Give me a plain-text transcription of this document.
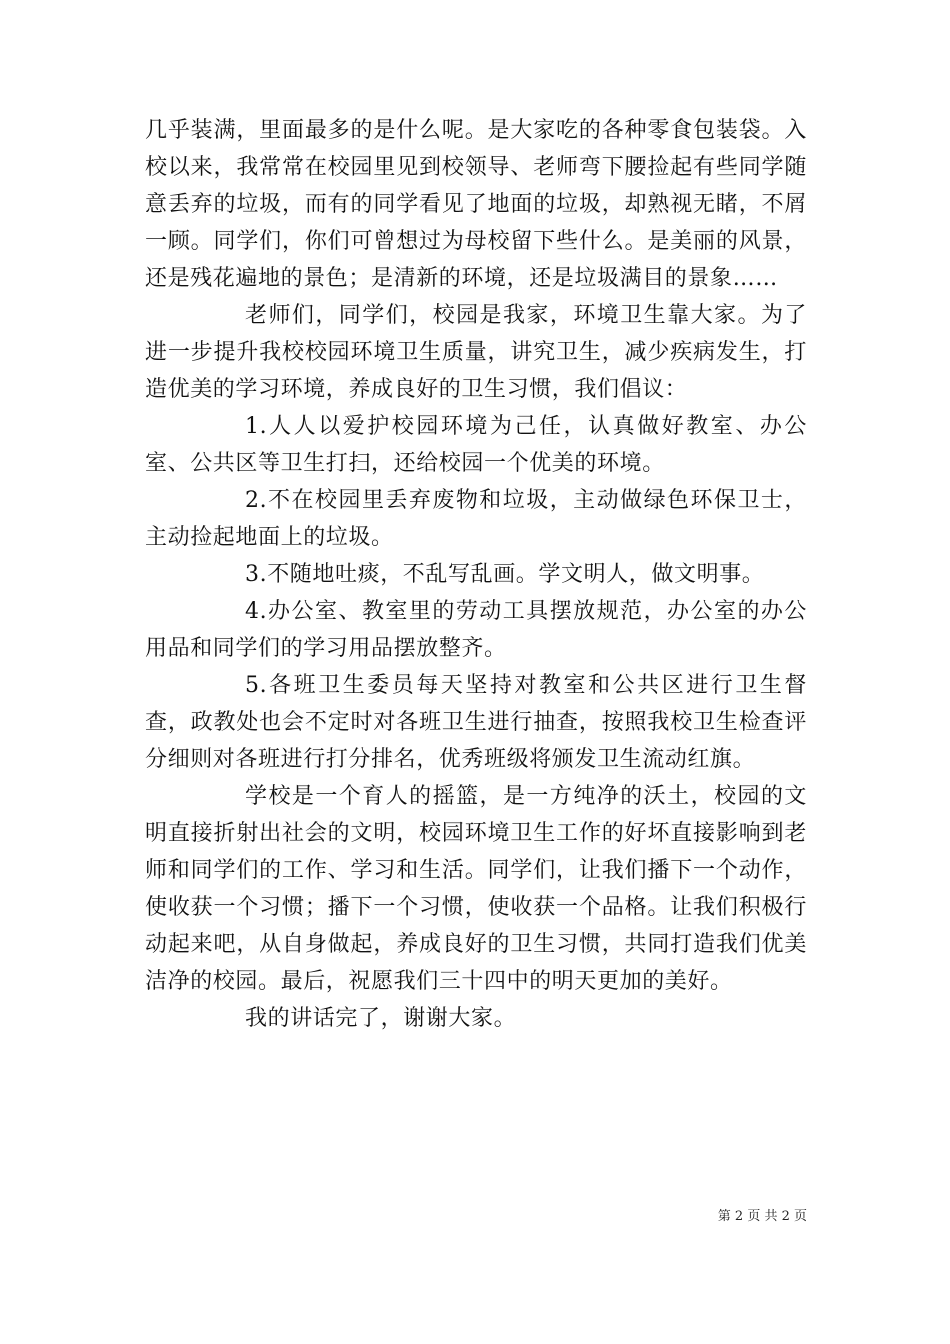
几乎装满，里面最多的是什么呢。是大家吃的各种零食包装袋。入校以来，我常常在校园里见到校领导、老师弯下腰捡起有些同学随意丢弃的垃圾，而有的同学看见了地面的垃圾，却熟视无睹，不屑一顾。同学们，你们可曾想过为母校留下些什么。是美丽的风景，还是残花遍地的景色；是清新的环境，还是垃圾满目的景象……

老师们，同学们，校园是我家，环境卫生靠大家。为了进一步提升我校校园环境卫生质量，讲究卫生，减少疾病发生，打造优美的学习环境，养成良好的卫生习惯，我们倡议：

1.人人以爱护校园环境为己任，认真做好教室、办公室、公共区等卫生打扫，还给校园一个优美的环境。

2.不在校园里丢弃废物和垃圾，主动做绿色环保卫士，主动捡起地面上的垃圾。

3.不随地吐痰，不乱写乱画。学文明人，做文明事。

4.办公室、教室里的劳动工具摆放规范，办公室的办公用品和同学们的学习用品摆放整齐。

5.各班卫生委员每天坚持对教室和公共区进行卫生督查，政教处也会不定时对各班卫生进行抽查，按照我校卫生检查评分细则对各班进行打分排名，优秀班级将颁发卫生流动红旗。

学校是一个育人的摇篮，是一方纯净的沃土，校园的文明直接折射出社会的文明，校园环境卫生工作的好坏直接影响到老师和同学们的工作、学习和生活。同学们，让我们播下一个动作，使收获一个习惯；播下一个习惯，使收获一个品格。让我们积极行动起来吧，从自身做起，养成良好的卫生习惯，共同打造我们优美洁净的校园。最后，祝愿我们三十四中的明天更加的美好。

我的讲话完了，谢谢大家。

第 2 页 共 2 页
